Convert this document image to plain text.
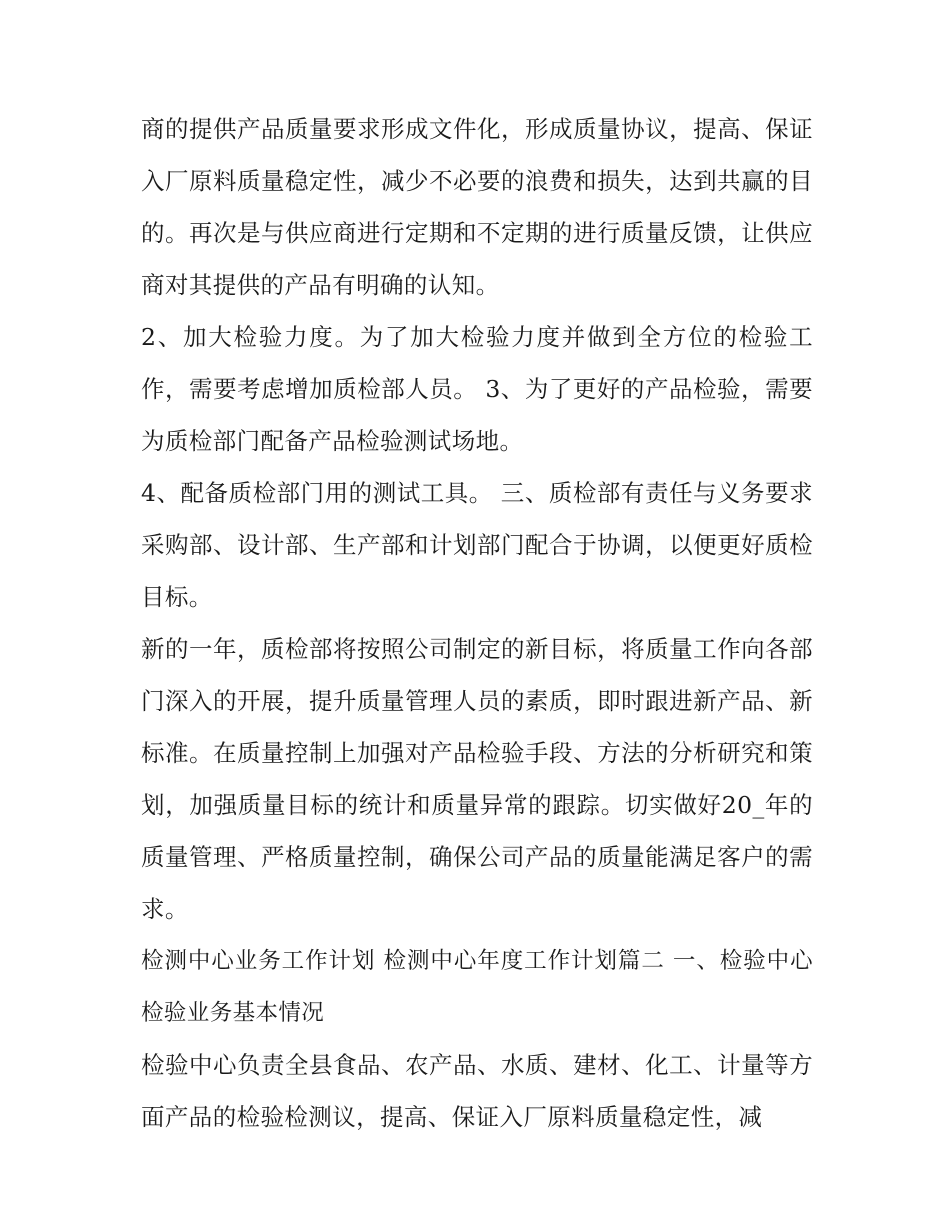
商的提供产品质量要求形成文件化，形成质量协议，提高、保证入厂原料质量稳定性，减少不必要的浪费和损失，达到共赢的目的。再次是与供应商进行定期和不定期的进行质量反馈，让供应商对其提供的产品有明确的认知。

2、加大检验力度。为了加大检验力度并做到全方位的检验工作，需要考虑增加质检部人员。 3、为了更好的产品检验，需要为质检部门配备产品检验测试场地。

4、配备质检部门用的测试工具。 三、质检部有责任与义务要求采购部、设计部、生产部和计划部门配合于协调，以便更好质检目标。

新的一年，质检部将按照公司制定的新目标，将质量工作向各部门深入的开展，提升质量管理人员的素质，即时跟进新产品、新标准。在质量控制上加强对产品检验手段、方法的分析研究和策划，加强质量目标的统计和质量异常的跟踪。切实做好20_年的质量管理、严格质量控制，确保公司产品的质量能满足客户的需求。

检测中心业务工作计划 检测中心年度工作计划篇二 一、检验中心检验业务基本情况

检验中心负责全县食品、农产品、水质、建材、化工、计量等方面产品的检验检测议，提高、保证入厂原料质量稳定性，减
